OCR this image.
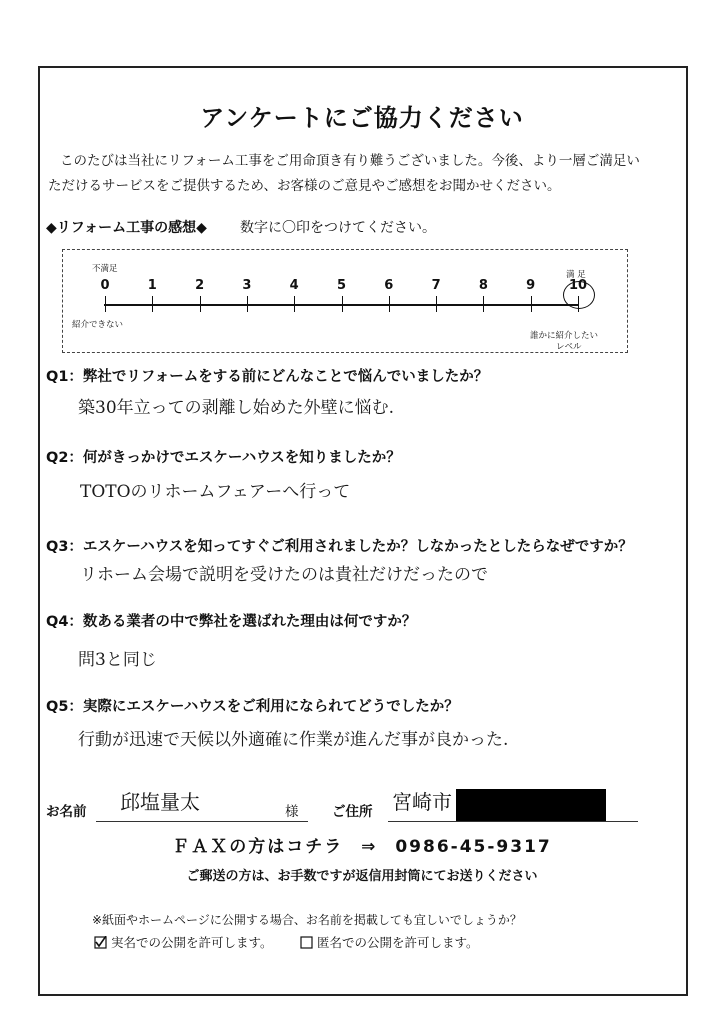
アンケートにご協力ください
このたびは当社にリフォーム工事をご用命頂き有り難うございました。今後、より一層ご満足い
ただけるサービスをご提供するため、お客様のご意見やご感想をお聞かせください。
◆リフォーム工事の感想◆ 数字に〇印をつけてください。
不満足
紹介できない
満 足
誰かに紹介したい
レベル
0	1	2	3	4	5	6	7	8	9	10
Q1：弊社でリフォームをする前にどんなことで悩んでいましたか？
築30年立っての剥離し始めた外壁に悩む.
Q2：何がきっかけでエスケーハウスを知りましたか？
TOTOのリホームフェアーへ行って
Q3：エスケーハウスを知ってすぐご利用されましたか？しなかったとしたらなぜですか？
リホーム会場で説明を受けたのは貴社だけだったので
Q4：数ある業者の中で弊社を選ばれた理由は何ですか？
問3と同じ
Q5：実際にエスケーハウスをご利用になられてどうでしたか？
行動が迅速で天候以外適確に作業が進んだ事が良かった.
お名前 邱塩量太	様 ご住所 宮崎市
ＦＡＸの方はコチラ ⇒ 0986-45-9317
ご郵送の方は、お手数ですが返信用封筒にてお送りください
※紙面やホームページに公開する場合、お名前を掲載しても宜しいでしょうか？
実名での公開を許可します。	匿名での公開を許可します。
